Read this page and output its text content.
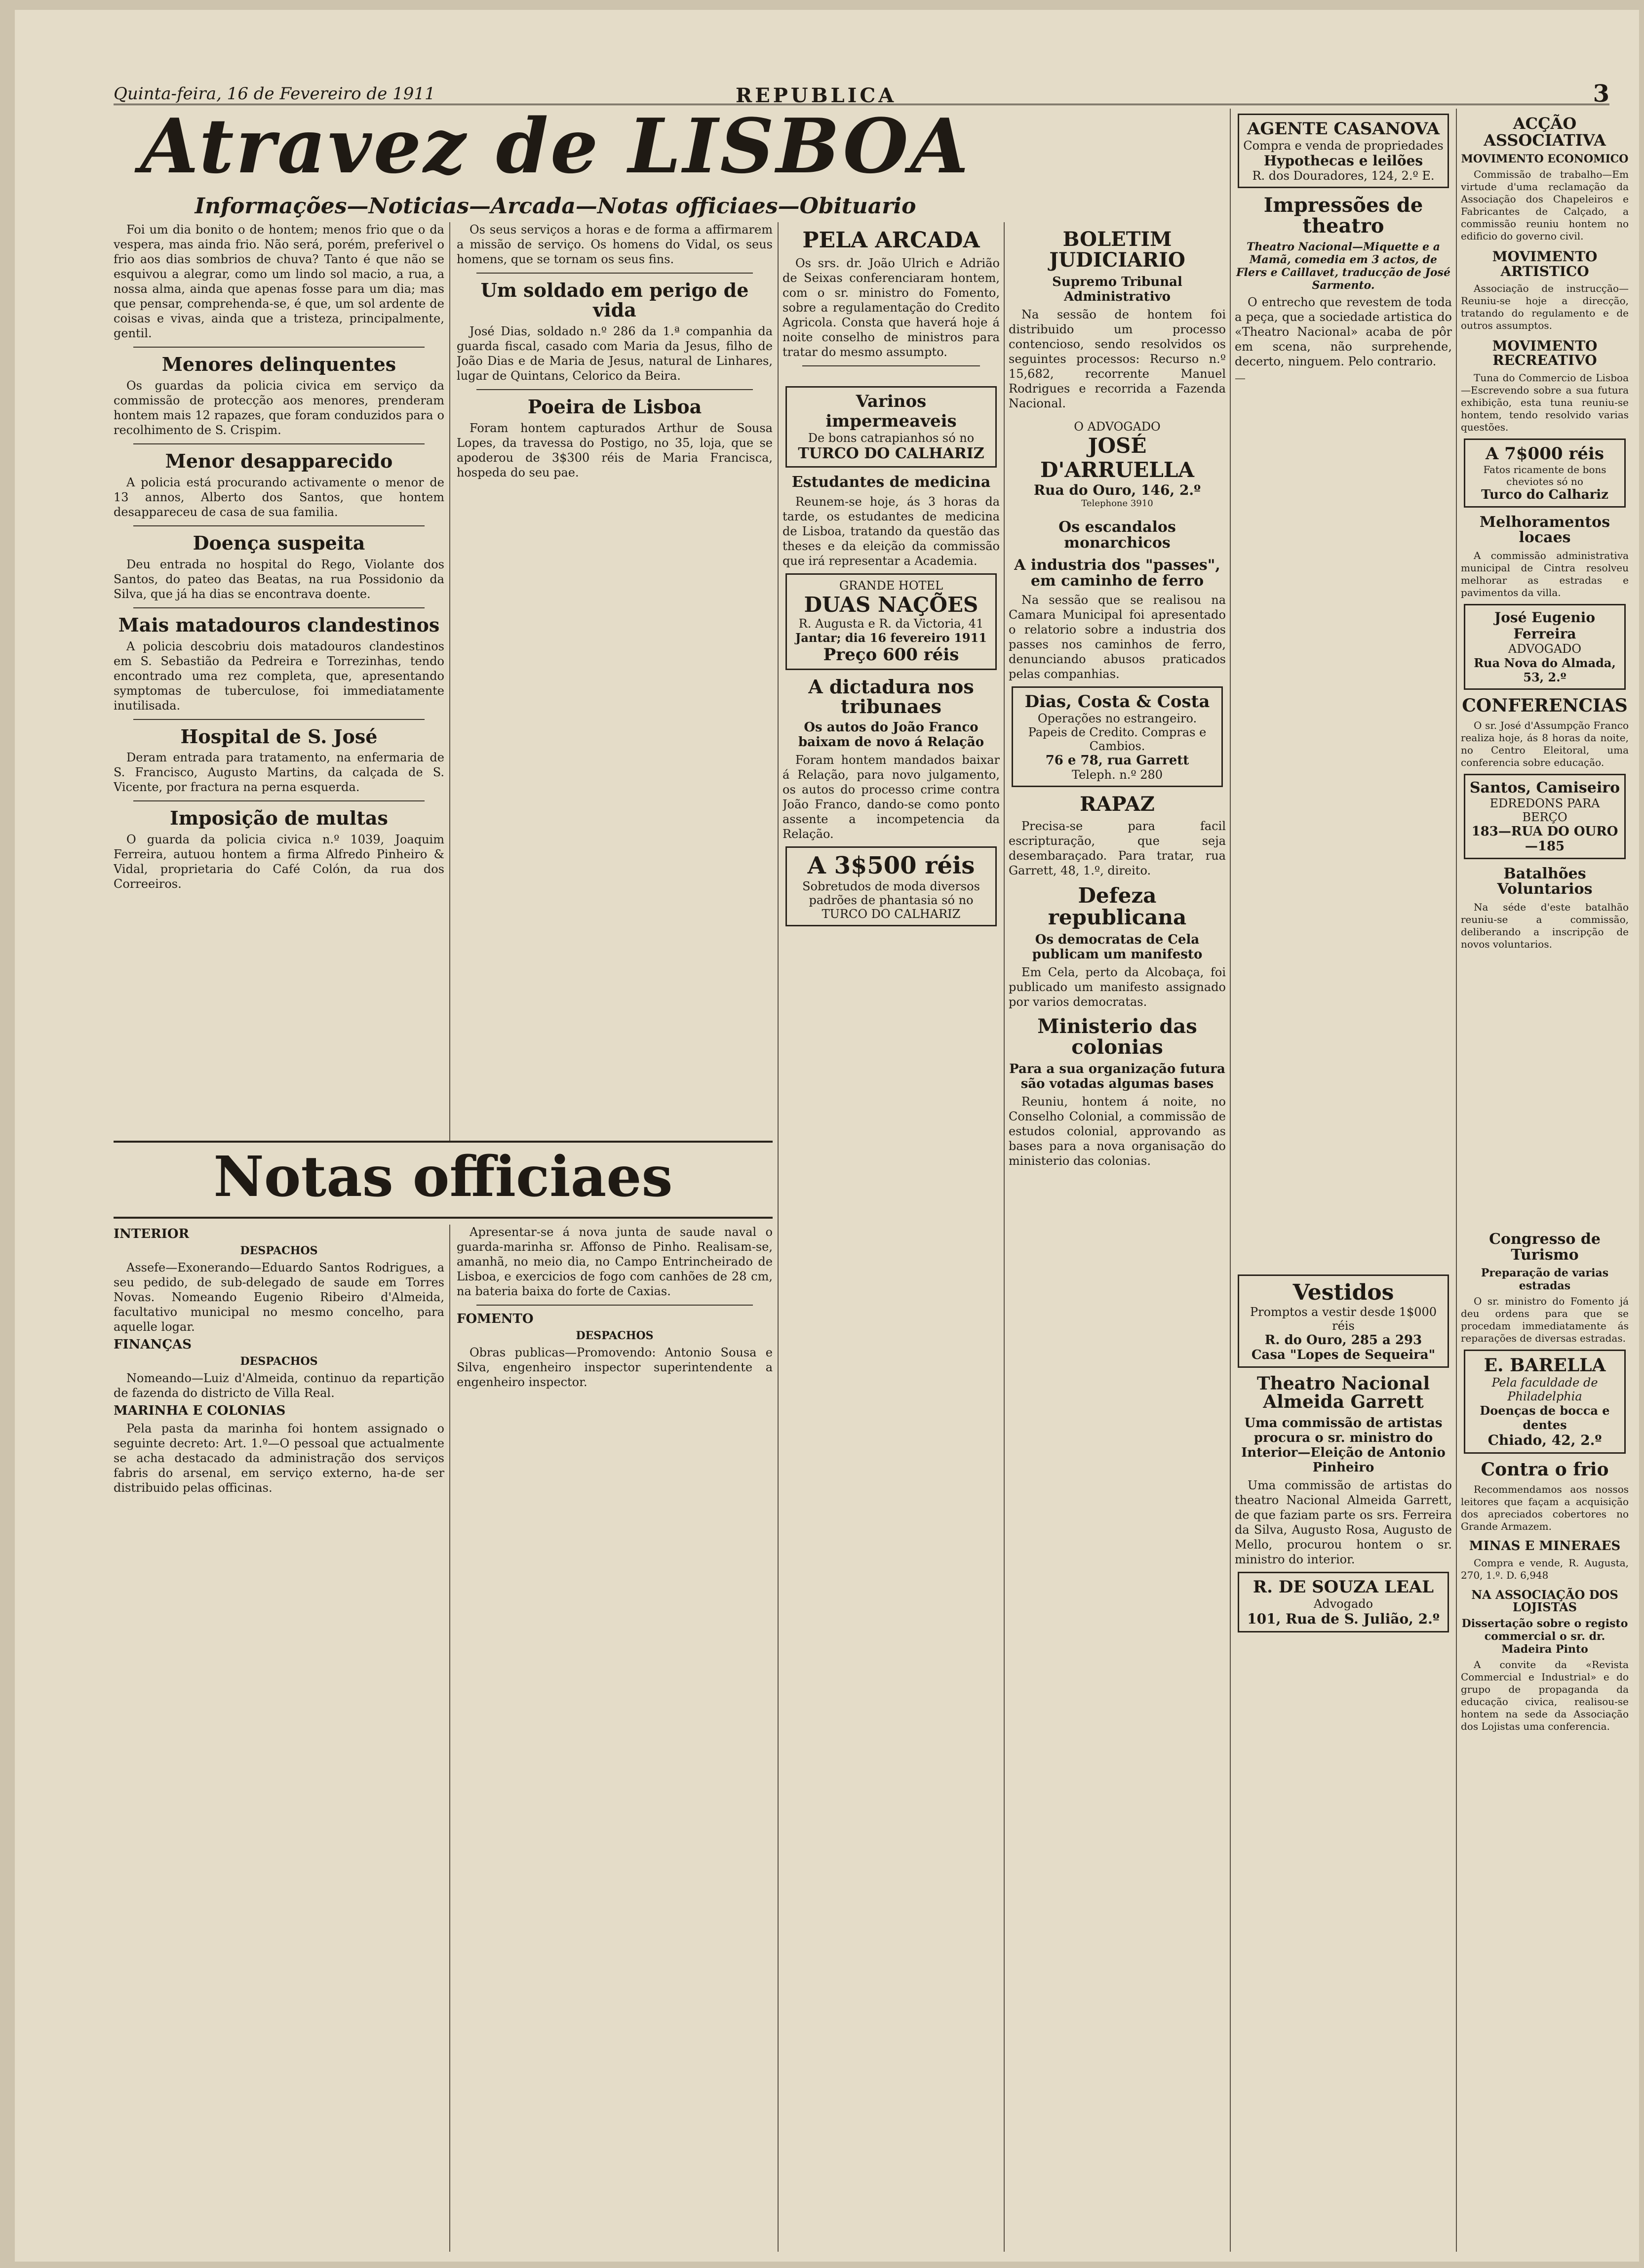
Quinta-feira, 16 de Fevereiro de 1911	REPUBLICA	3
Atravez de LISBOA
Informações—Noticias—Arcada—Notas officiaes—Obituario

Foi um dia bonito o de hontem; menos frio que o da vespera, mas ainda frio. Não será, porém, preferivel o frio aos dias sombrios de chuva? Tanto é que não se esquivou a alegrar, como um lindo sol macio, a rua, a nossa alma, ainda que apenas fosse para um dia; mas que pensar, comprehenda-se, é que, um sol ardente de coisas e vivas, ainda que a tristeza, principalmente, gentil.

Menores delinquentes

Os guardas da policia civica em serviço da commissão de protecção aos menores, prenderam hontem mais 12 rapazes, que foram conduzidos para o recolhimento de S. Crispim.

Menor desapparecido

A policia está procurando activamente o menor de 13 annos, Alberto dos Santos, que hontem desappareceu de casa de sua familia.

Doença suspeita

Deu entrada no hospital do Rego, Violante dos Santos, do pateo das Beatas, na rua Possidonio da Silva, que já ha dias se encontrava doente.

Mais matadouros clandestinos

A policia descobriu dois matadouros clandestinos em S. Sebastião da Pedreira e Torrezinhas, tendo encontrado uma rez completa, que, apresentando symptomas de tuberculose, foi immediatamente inutilisada.

Hospital de S. José

Deram entrada para tratamento, na enfermaria de S. Francisco, Augusto Martins, da calçada de S. Vicente, por fractura na perna esquerda.

Imposição de multas

O guarda da policia civica n.º 1039, Joaquim Ferreira, autuou hontem a firma Alfredo Pinheiro & Vidal, proprietaria do Café Colón, da rua dos Correeiros.

Os seus serviços a horas e de forma a affirmarem a missão de serviço. Os homens do Vidal, os seus homens, que se tornam os seus fins.

Um soldado em perigo de vida

José Dias, soldado n.º 286 da 1.ª companhia da guarda fiscal, casado com Maria da Jesus, filho de João Dias e de Maria de Jesus, natural de Linhares, lugar de Quintans, Celorico da Beira.

Poeira de Lisboa

Foram hontem capturados Arthur de Sousa Lopes, da travessa do Postigo, no 35, loja, que se apoderou de 3$300 réis de Maria Francisca, hospeda do seu pae.

Notas officiaes
INTERIOR
DESPACHOS

Assefe—Exonerando—Eduardo Santos Rodrigues, a seu pedido, de sub-delegado de saude em Torres Novas. Nomeando Eugenio Ribeiro d'Almeida, facultativo municipal no mesmo concelho, para aquelle logar.

FINANÇAS
DESPACHOS

Nomeando—Luiz d'Almeida, continuo da repartição de fazenda do districto de Villa Real.

MARINHA E COLONIAS

Pela pasta da marinha foi hontem assignado o seguinte decreto: Art. 1.º—O pessoal que actualmente se acha destacado da administração dos serviços fabris do arsenal, em serviço externo, ha-de ser distribuido pelas officinas.

Apresentar-se á nova junta de saude naval o guarda-marinha sr. Affonso de Pinho. Realisam-se, amanhã, no meio dia, no Campo Entrincheirado de Lisboa, e exercicios de fogo com canhões de 28 cm, na bateria baixa do forte de Caxias.

FOMENTO
DESPACHOS

Obras publicas—Promovendo: Antonio Sousa e Silva, engenheiro inspector superintendente a engenheiro inspector.

PELA ARCADA

Os srs. dr. João Ulrich e Adrião de Seixas conferenciaram hontem, com o sr. ministro do Fomento, sobre a regulamentação do Credito Agricola. Consta que haverá hoje á noite conselho de ministros para tratar do mesmo assumpto.

Varinos impermeaveis
De bons catrapianhos só no
TURCO DO CALHARIZ
Estudantes de medicina

Reunem-se hoje, ás 3 horas da tarde, os estudantes de medicina de Lisboa, tratando da questão das theses e da eleição da commissão que irá representar a Academia.

GRANDE HOTEL
DUAS NAÇÕES
R. Augusta e R. da Victoria, 41
Jantar; dia 16 fevereiro 1911
Preço 600 réis
A dictadura nos tribunaes
Os autos do João Franco baixam de novo á Relação

Foram hontem mandados baixar á Relação, para novo julgamento, os autos do processo crime contra João Franco, dando-se como ponto assente a incompetencia da Relação.

A 3$500 réis
Sobretudos de moda diversos padrões de phantasia só no TURCO DO CALHARIZ
BOLETIM JUDICIARIO
Supremo Tribunal Administrativo

Na sessão de hontem foi distribuido um processo contencioso, sendo resolvidos os seguintes processos: Recurso n.º 15,682, recorrente Manuel Rodrigues e recorrida a Fazenda Nacional.

O ADVOGADO
JOSÉ D'ARRUELLA
Rua do Ouro, 146, 2.º
Telephone 3910
Os escandalos monarchicos
A industria dos "passes", em caminho de ferro

Na sessão que se realisou na Camara Municipal foi apresentado o relatorio sobre a industria dos passes nos caminhos de ferro, denunciando abusos praticados pelas companhias.

Dias, Costa & Costa
Operações no estrangeiro. Papeis de Credito. Compras e Cambios.
76 e 78, rua Garrett
Teleph. n.º 280
RAPAZ

Precisa-se para facil escripturação, que seja desembaraçado. Para tratar, rua Garrett, 48, 1.º, direito.

Defeza republicana
Os democratas de Cela publicam um manifesto

Em Cela, perto da Alcobaça, foi publicado um manifesto assignado por varios democratas.

Ministerio das colonias
Para a sua organização futura são votadas algumas bases

Reuniu, hontem á noite, no Conselho Colonial, a commissão de estudos colonial, approvando as bases para a nova organisação do ministerio das colonias.

AGENTE CASANOVA
Compra e venda de propriedades
Hypothecas e leilões
R. dos Douradores, 124, 2.º E.
Impressões de theatro
Theatro Nacional—Miquette e a Mamã, comedia em 3 actos, de Flers e Caillavet, traducção de José Sarmento.

O entrecho que revestem de toda a peça, que a sociedade artistica do «Theatro Nacional» acaba de pôr em scena, não surprehende, decerto, ninguem. Pelo contrario.

—

Vestidos
Promptos a vestir desde 1$000 réis
R. do Ouro, 285 a 293
Casa "Lopes de Sequeira"
Theatro Nacional Almeida Garrett
Uma commissão de artistas procura o sr. ministro do Interior—Eleição de Antonio Pinheiro

Uma commissão de artistas do theatro Nacional Almeida Garrett, de que faziam parte os srs. Ferreira da Silva, Augusto Rosa, Augusto de Mello, procurou hontem o sr. ministro do interior.

R. DE SOUZA LEAL
Advogado
101, Rua de S. Julião, 2.º
ACÇÃO ASSOCIATIVA
MOVIMENTO ECONOMICO

Commissão de trabalho—Em virtude d'uma reclamação da Associação dos Chapeleiros e Fabricantes de Calçado, a commissão reuniu hontem no edificio do governo civil.

MOVIMENTO ARTISTICO

Associação de instrucção—Reuniu-se hoje a direcção, tratando do regulamento e de outros assumptos.

MOVIMENTO RECREATIVO

Tuna do Commercio de Lisboa—Escrevendo sobre a sua futura exhibição, esta tuna reuniu-se hontem, tendo resolvido varias questões.

A 7$000 réis
Fatos ricamente de bons cheviotes só no
Turco do Calhariz
Melhoramentos locaes

A commissão administrativa municipal de Cintra resolveu melhorar as estradas e pavimentos da villa.

José Eugenio Ferreira
ADVOGADO
Rua Nova do Almada, 53, 2.º
CONFERENCIAS

O sr. José d'Assumpção Franco realiza hoje, ás 8 horas da noite, no Centro Eleitoral, uma conferencia sobre educação.

Santos, Camiseiro
EDREDONS PARA BERÇO
183—RUA DO OURO—185
Batalhões Voluntarios

Na séde d'este batalhão reuniu-se a commissão, deliberando a inscripção de novos voluntarios.

Congresso de Turismo
Preparação de varias estradas

O sr. ministro do Fomento já deu ordens para que se procedam immediatamente ás reparações de diversas estradas.

E. BARELLA
Pela faculdade de Philadelphia
Doenças de bocca e dentes
Chiado, 42, 2.º
Contra o frio

Recommendamos aos nossos leitores que façam a acquisição dos apreciados cobertores no Grande Armazem.

MINAS E MINERAES

Compra e vende, R. Augusta, 270, 1.º. D. 6,948

NA ASSOCIAÇÃO DOS LOJISTAS
Dissertação sobre o registo commercial o sr. dr. Madeira Pinto

A convite da «Revista Commercial e Industrial» e do grupo de propaganda da educação civica, realisou-se hontem na sede da Associação dos Lojistas uma conferencia.
